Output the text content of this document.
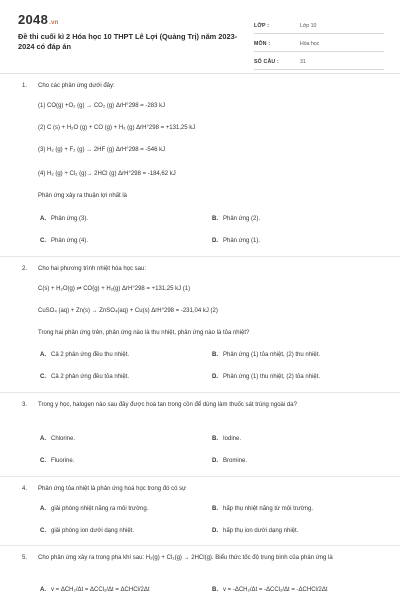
2048.vn
Đề thi cuối kì 2 Hóa học 10 THPT Lê Lợi (Quảng Trị) năm 2023-2024 có đáp án
LỚP :	Lớp 10
MÔN :	Hóa học
SỐ CÂU :	31
1. Cho các phản ứng dưới đây:
(1) CO(g) +O₂ (g) → CO₂ (g) ΔrH°298 = -283 kJ
(2) C (s) + H₂O (g) + CO (g) + H₂ (g) ΔrH°298 = +131,25 kJ
(3) H₂ (g) + F₂ (g) → 2HF (g) ΔrH°298 = -546 kJ
(4) H₂ (g) + Cl₂ (g)→ 2HCl (g) ΔrH°298 = -184,62 kJ
Phản ứng xảy ra thuận lợi nhất là
A. Phản ứng (3).	B. Phản ứng (2).
C. Phản ứng (4).	D. Phản ứng (1).
2. Cho hai phương trình nhiệt hóa học sau:
C(s) + H₂O(g) ⇌ CO(g) + H₂(g) ΔrH°298 = +131,25 kJ (1)
CuSO₄ (aq) + Zn(s) → ZnSO₄(aq) + Cu(s) ΔrH°298 = -231,04 kJ (2)
Trong hai phản ứng trên, phản ứng nào là thu nhiệt, phản ứng nào là tỏa nhiệt?
A. Cả 2 phản ứng đều thu nhiệt.	B. Phản ứng (1) tỏa nhiệt, (2) thu nhiệt.
C. Cả 2 phản ứng đều tỏa nhiệt.	D. Phản ứng (1) thu nhiệt, (2) tỏa nhiệt.
3. Trong y học, halogen nào sau đây được hoà tan trong cồn để dùng làm thuốc sát trùng ngoài da?
A. Chlorine.	B. Iodine.
C. Fluorine.	D. Bromine.
4. Phản ứng tỏa nhiệt là phản ứng hoá học trong đó có sự
A. giải phóng nhiệt năng ra môi trường.	B. hấp thụ nhiệt năng từ môi trường.
C. giải phóng ion dưới dạng nhiệt.	D. hấp thụ ion dưới dạng nhiệt.
5. Cho phản ứng xảy ra trong pha khí sau: H₂(g) + Cl₂(g) → 2HCl(g). Biểu thức tốc độ trung bình của phản ứng là
A. v = ΔCH₂/Δt = ΔCCl₂/Δt = ΔCHCl/2Δt	B. v = -ΔCH₂/Δt = -ΔCCl₂/Δt = -ΔCHCl/2Δt
